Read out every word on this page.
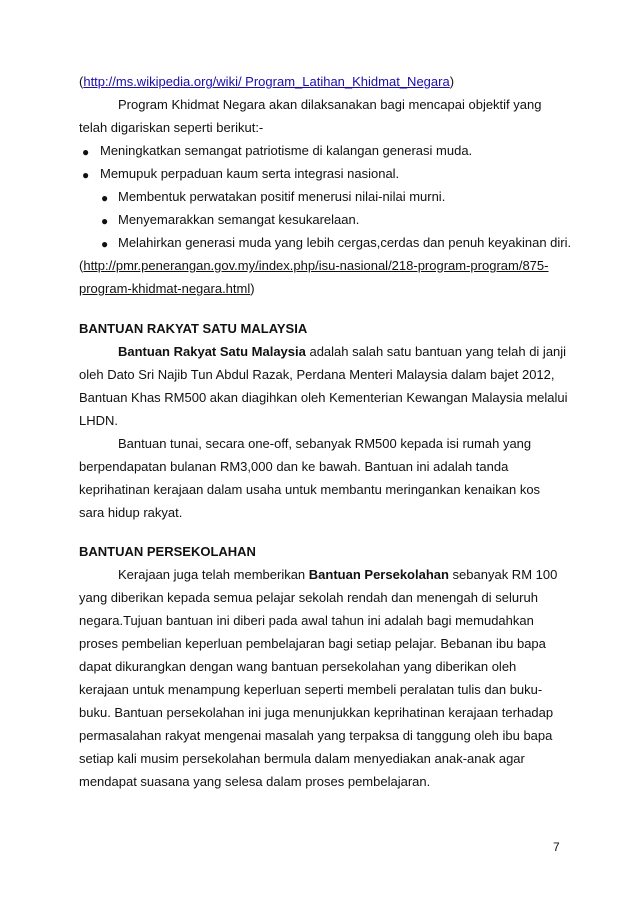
(http://ms.wikipedia.org/wiki/ Program_Latihan_Khidmat_Negara)
Program Khidmat Negara akan dilaksanakan bagi mencapai objektif yang
telah digariskan seperti berikut:-
● Meningkatkan semangat patriotisme di kalangan generasi muda.
● Memupuk perpaduan kaum serta integrasi nasional.
● Membentuk perwatakan positif menerusi nilai-nilai murni.
● Menyemarakkan semangat kesukarelaan.
● Melahirkan generasi muda yang lebih cergas,cerdas dan penuh keyakinan diri.
(http://pmr.penerangan.gov.my/index.php/isu-nasional/218-program-program/875-
program-khidmat-negara.html)
BANTUAN RAKYAT SATU MALAYSIA
Bantuan Rakyat Satu Malaysia adalah salah satu bantuan yang telah di janji
oleh Dato Sri Najib Tun Abdul Razak, Perdana Menteri Malaysia dalam bajet 2012,
Bantuan Khas RM500 akan diagihkan oleh Kementerian Kewangan Malaysia melalui
LHDN.
Bantuan tunai, secara one-off, sebanyak RM500 kepada isi rumah yang
berpendapatan bulanan RM3,000 dan ke bawah. Bantuan ini adalah tanda
keprihatinan kerajaan dalam usaha untuk membantu meringankan kenaikan kos
sara hidup rakyat.
BANTUAN PERSEKOLAHAN
Kerajaan juga telah memberikan Bantuan Persekolahan sebanyak RM 100
yang diberikan kepada semua pelajar sekolah rendah dan menengah di seluruh
negara.Tujuan bantuan ini diberi pada awal tahun ini adalah bagi memudahkan
proses pembelian keperluan pembelajaran bagi setiap pelajar. Bebanan ibu bapa
dapat dikurangkan dengan wang bantuan persekolahan yang diberikan oleh
kerajaan untuk menampung keperluan seperti membeli peralatan tulis dan buku-
buku. Bantuan persekolahan ini juga menunjukkan keprihatinan kerajaan terhadap
permasalahan rakyat mengenai masalah yang terpaksa di tanggung oleh ibu bapa
setiap kali musim persekolahan bermula dalam menyediakan anak-anak agar
mendapat suasana yang selesa dalam proses pembelajaran.
7
